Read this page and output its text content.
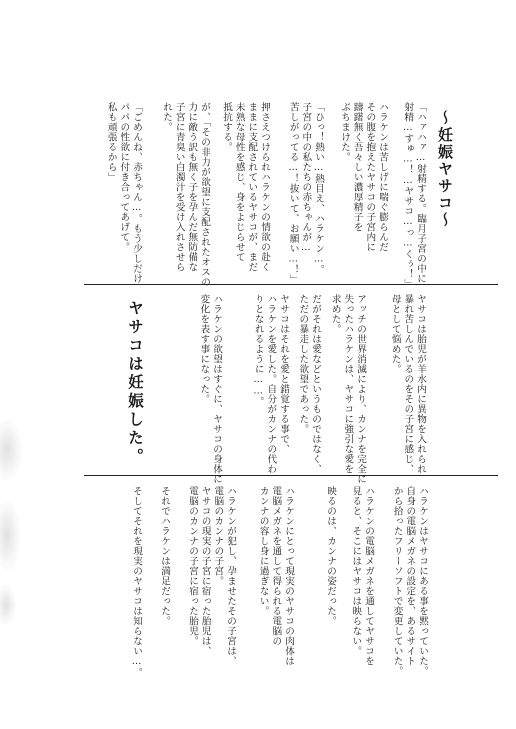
〜妊娠ヤサコ〜
「ハァハァ…射精する。臨月子宮の中に
射精…すゅ…！…ヤサコ…っ…くぅ！」
ハラケンは苦しげに喘ぐ膨らんだ
その腹を抱えたヤサコの子宮内に
躊躇無く吾々しい濃厚精子を
ぶちまけた。
「ひっ！熱い…熱目え、ハラケン…。
子宮の中の私たちの赤ちゃんが…
苦しがってる…！抜いて、お願い…！」
押さえつけられハラケンの情欲の赴く
ままに支配されているヤサコが、まだ
未熟な母性を感じ、身をよじらせて
抵抗する。
が、「その非力が欲望に支配されたオスの
力に敵う訳も無く子を孕んだ無防備な
子宮に青臭い白濁汁を受け入れさせら
れた。
「ごめんね、赤ちゃん…。もう少しだけ
パパの性欲に付き合ってあげて。
私も頑張るから」
ヤサコは胎児が羊水内に異物を入れられ
暴れ苦しんでいるのをその子宮に感じ、
母として悩めた。
アッチの世界消滅により、カンナを完全に
失ったハラケンは、ヤサコに強引な愛を
求めた。
だがそれは愛などというものではなく、
ただの暴走した欲望であった。
ヤサコはそれを愛と錯覚する事で、
ハラケンを愛した。自分がカンナの代わ
りとなれるように……。
ハラケンの欲望はすぐに、ヤサコの身体に
変化を表す事になった。
ヤサコは妊娠した。
ハラケンはヤサコにある事を黙っていた。
自身の電脳メガネの設定を、あるサイト
から拾ったフリーソフトで変更していた。
ハラケンの電脳メガネを通してヤサコを
見ると、そこにはヤサコは映らない。
映るのは、カンナの姿だった。
ハラケンにとって現実のヤサコの肉体は
電脳メガネを通して得られる電脳の
カンナの容し身に過ぎない。
ハラケンが犯し、孕ませたその子宮は、
電脳のカンナの子宮。
ヤサコの現実の子宮に宿った胎児は、
電脳のカンナの子宮に宿った胎児。
それでハラケンは満足だった。
そしてそれを現実のヤサコは知らない…。
